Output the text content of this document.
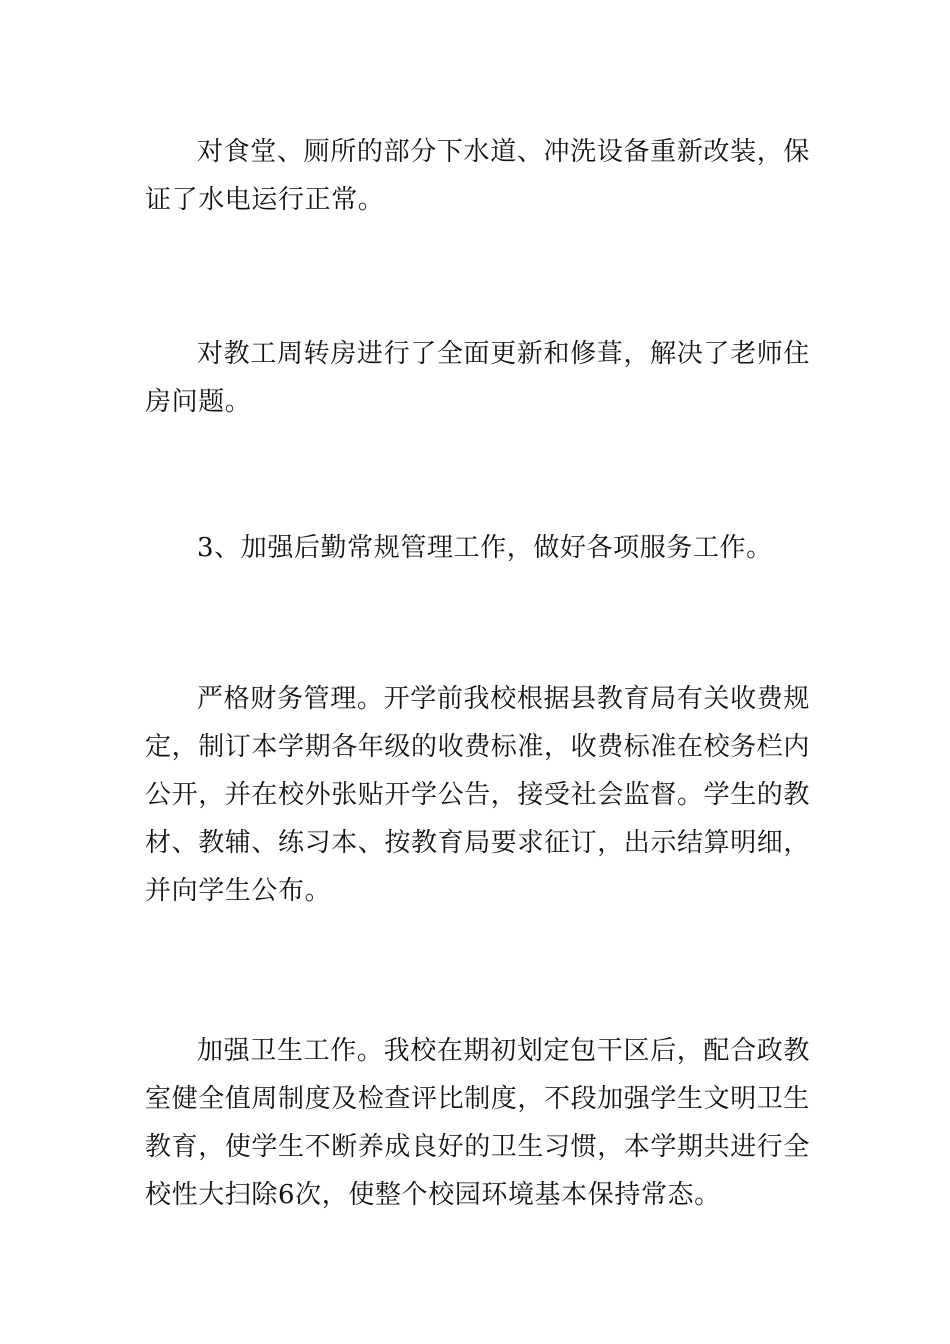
对食堂、厕所的部分下水道、冲洗设备重新改装，保证了水电运行正常。

对教工周转房进行了全面更新和修葺，解决了老师住房问题。

3、加强后勤常规管理工作，做好各项服务工作。

严格财务管理。开学前我校根据县教育局有关收费规定，制订本学期各年级的收费标准，收费标准在校务栏内公开，并在校外张贴开学公告，接受社会监督。学生的教材、教辅、练习本、按教育局要求征订，出示结算明细，并向学生公布。

加强卫生工作。我校在期初划定包干区后，配合政教室健全值周制度及检查评比制度，不段加强学生文明卫生教育，使学生不断养成良好的卫生习惯，本学期共进行全校性大扫除6次，使整个校园环境基本保持常态。
